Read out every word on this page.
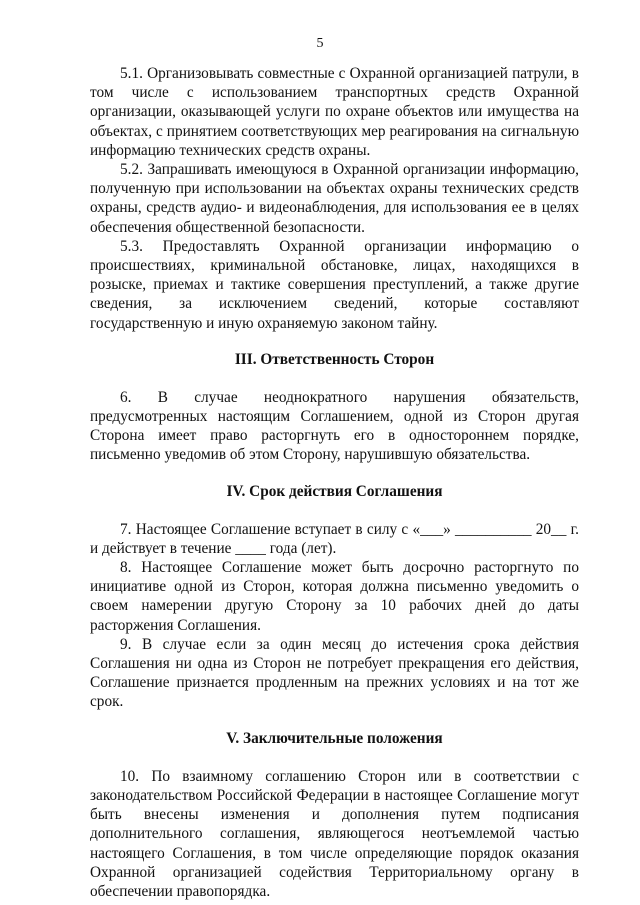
5

5.1. Организовывать совместные с Охранной организацией патрули, в том числе с использованием транспортных средств Охранной организации, оказывающей услуги по охране объектов или имущества на объектах, с принятием соответствующих мер реагирования на сигнальную информацию технических средств охраны.

5.2. Запрашивать имеющуюся в Охранной организации информацию, полученную при использовании на объектах охраны технических средств охраны, средств аудио- и видеонаблюдения, для использования ее в целях обеспечения общественной безопасности.

5.3. Предоставлять Охранной организации информацию о происшествиях, криминальной обстановке, лицах, находящихся в розыске, приемах и тактике совершения преступлений, а также другие сведения, за исключением сведений, которые составляют государственную и иную охраняемую законом тайну.

III. Ответственность Сторон

6. В случае неоднократного нарушения обязательств, предусмотренных настоящим Соглашением, одной из Сторон другая Сторона имеет право расторгнуть его в одностороннем порядке, письменно уведомив об этом Сторону, нарушившую обязательства.

IV. Срок действия Соглашения

7. Настоящее Соглашение вступает в силу с «___» __________ 20__ г. и действует в течение ____ года (лет).

8. Настоящее Соглашение может быть досрочно расторгнуто по инициативе одной из Сторон, которая должна письменно уведомить о своем намерении другую Сторону за 10 рабочих дней до даты расторжения Соглашения.

9. В случае если за один месяц до истечения срока действия Соглашения ни одна из Сторон не потребует прекращения его действия, Соглашение признается продленным на прежних условиях и на тот же срок.

V. Заключительные положения

10. По взаимному соглашению Сторон или в соответствии с законодательством Российской Федерации в настоящее Соглашение могут быть внесены изменения и дополнения путем подписания дополнительного соглашения, являющегося неотъемлемой частью настоящего Соглашения, в том числе определяющие порядок оказания Охранной организацией содействия Территориальному органу в обеспечении правопорядка.
